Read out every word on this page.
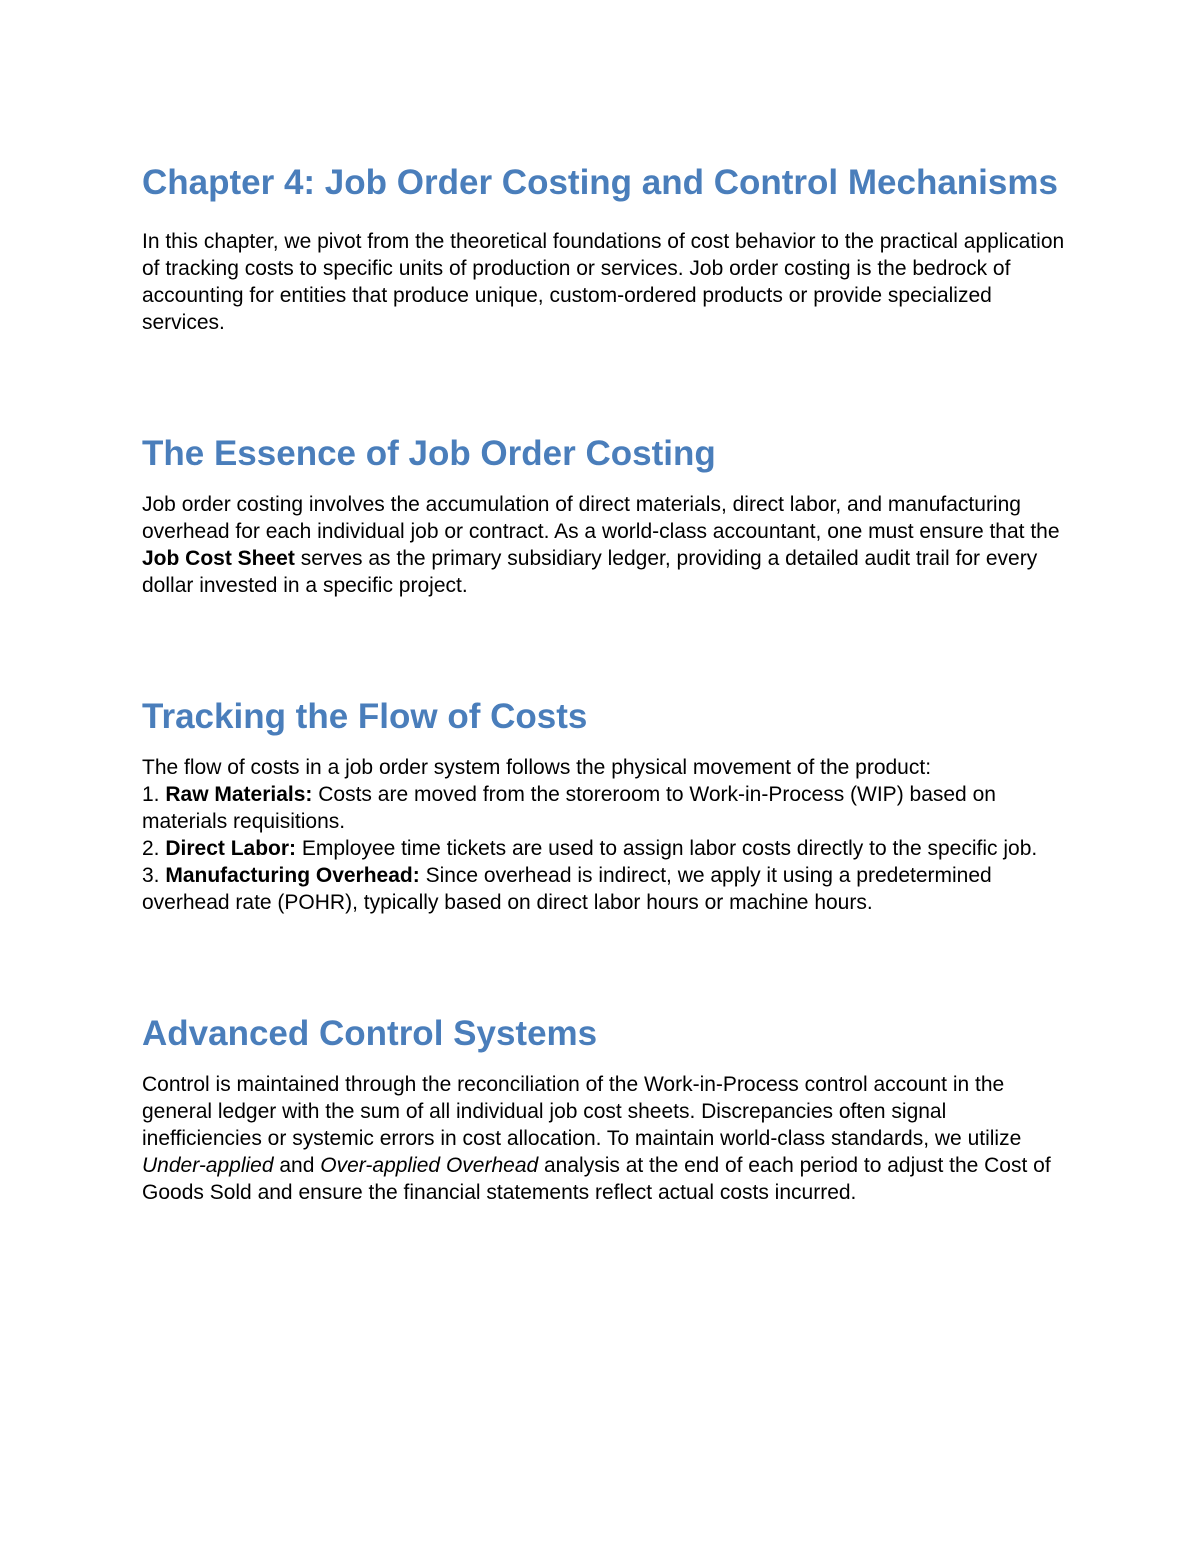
Chapter 4: Job Order Costing and Control Mechanisms

In this chapter, we pivot from the theoretical foundations of cost behavior to the practical application of tracking costs to specific units of production or services. Job order costing is the bedrock of accounting for entities that produce unique, custom-ordered products or provide specialized services.

The Essence of Job Order Costing

Job order costing involves the accumulation of direct materials, direct labor, and manufacturing overhead for each individual job or contract. As a world-class accountant, one must ensure that the Job Cost Sheet serves as the primary subsidiary ledger, providing a detailed audit trail for every dollar invested in a specific project.

Tracking the Flow of Costs
The flow of costs in a job order system follows the physical movement of the product:
1. Raw Materials: Costs are moved from the storeroom to Work-in-Process (WIP) based on materials requisitions.
2. Direct Labor: Employee time tickets are used to assign labor costs directly to the specific job.
3. Manufacturing Overhead: Since overhead is indirect, we apply it using a predetermined overhead rate (POHR), typically based on direct labor hours or machine hours.
Advanced Control Systems

Control is maintained through the reconciliation of the Work-in-Process control account in the general ledger with the sum of all individual job cost sheets. Discrepancies often signal inefficiencies or systemic errors in cost allocation. To maintain world-class standards, we utilize Under-applied and Over-applied Overhead analysis at the end of each period to adjust the Cost of Goods Sold and ensure the financial statements reflect actual costs incurred.
